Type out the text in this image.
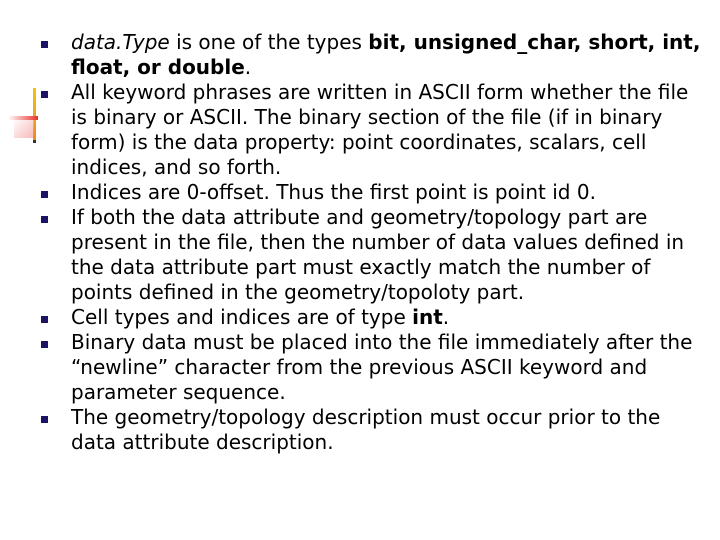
data.Type is one of the types bit, unsigned_char, short, int, float, or double.
All keyword phrases are written in ASCII form whether the file is binary or ASCII. The binary section of the file (if in binary form) is the data property: point coordinates, scalars, cell indices, and so forth.
Indices are 0-offset. Thus the first point is point id 0.
If both the data attribute and geometry/topology part are present in the file, then the number of data values defined in the data attribute part must exactly match the number of points defined in the geometry/topoloty part.
Cell types and indices are of type int.
Binary data must be placed into the file immediately after the “newline” character from the previous ASCII keyword and parameter sequence.
The geometry/topology description must occur prior to the data attribute description.
